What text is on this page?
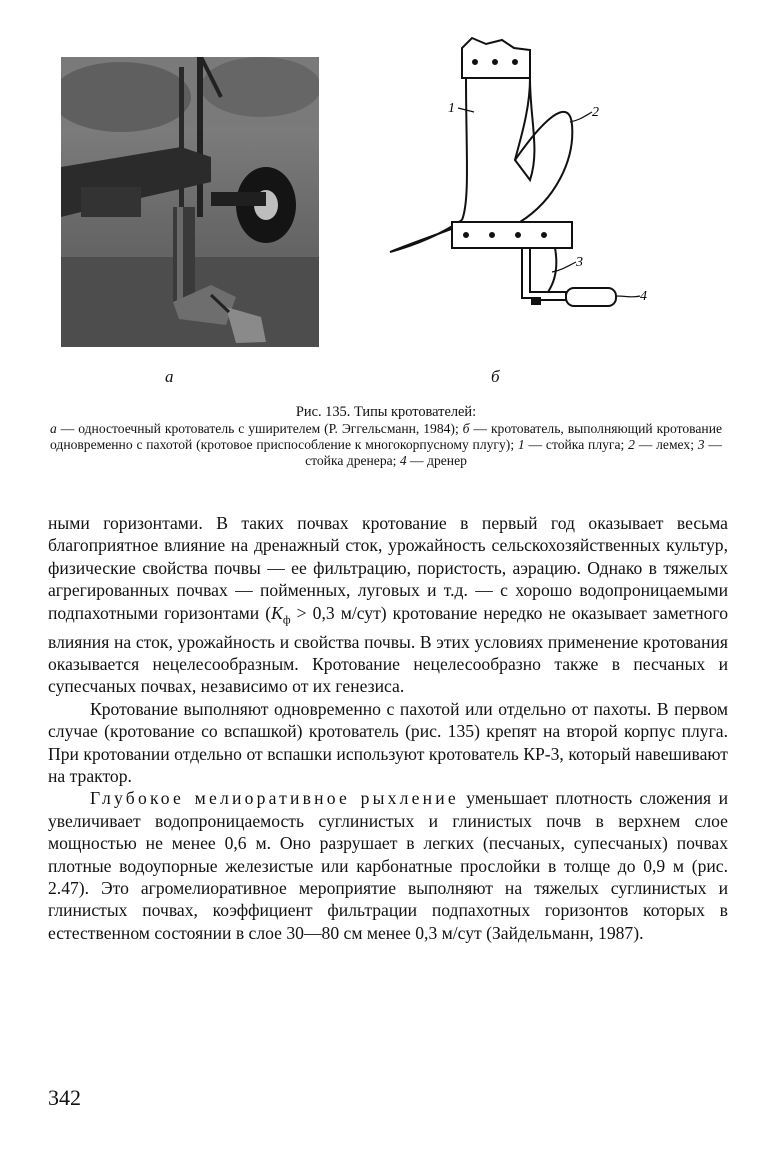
1	2
3
4
а	б
Рис. 135. Типы кротователей:
а — одностоечный кротователь с уширителем (Р. Эггельсманн, 1984); б — кротователь, выполняющий кротование одновременно с пахотой (кротовое приспособление к многокорпусному плугу); 1 — стойка плуга; 2 — лемех; 3 — стойка дренера; 4 — дренер

ными горизонтами. В таких почвах кротование в первый год оказывает весьма благоприятное влияние на дренажный сток, урожайность сельскохозяйственных культур, физические свойства почвы — ее фильтрацию, пористость, аэрацию. Однако в тяжелых агрегированных почвах — пойменных, луговых и т.д. — с хорошо водопроницаемыми подпахотными горизонтами ($K_ф > 0,3$ м/сут) кротование нередко не оказывает заметного влияния на сток, урожайность и свойства почвы. В этих условиях применение кротования оказывается нецелесообразным. Кротование нецелесообразно также в песчаных и супесчаных почвах, независимо от их генезиса.

Кротование выполняют одновременно с пахотой или отдельно от пахоты. В первом случае (кротование со вспашкой) кротователь (рис. 135) крепят на второй корпус плуга. При кротовании отдельно от вспашки используют кротователь КР-3, который навешивают на трактор.

Глубокое мелиоративное рыхление уменьшает плотность сложения и увеличивает водопроницаемость суглинистых и глинистых почв в верхнем слое мощностью не менее 0,6 м. Оно разрушает в легких (песчаных, супесчаных) почвах плотные водоупорные железистые или карбонатные прослойки в толще до 0,9 м (рис. 2.47). Это агромелиоративное мероприятие выполняют на тяжелых суглинистых и глинистых почвах, коэффициент фильтрации подпахотных горизонтов которых в естественном состоянии в слое 30—80 см менее 0,3 м/сут (Зайдельманн, 1987).

342
